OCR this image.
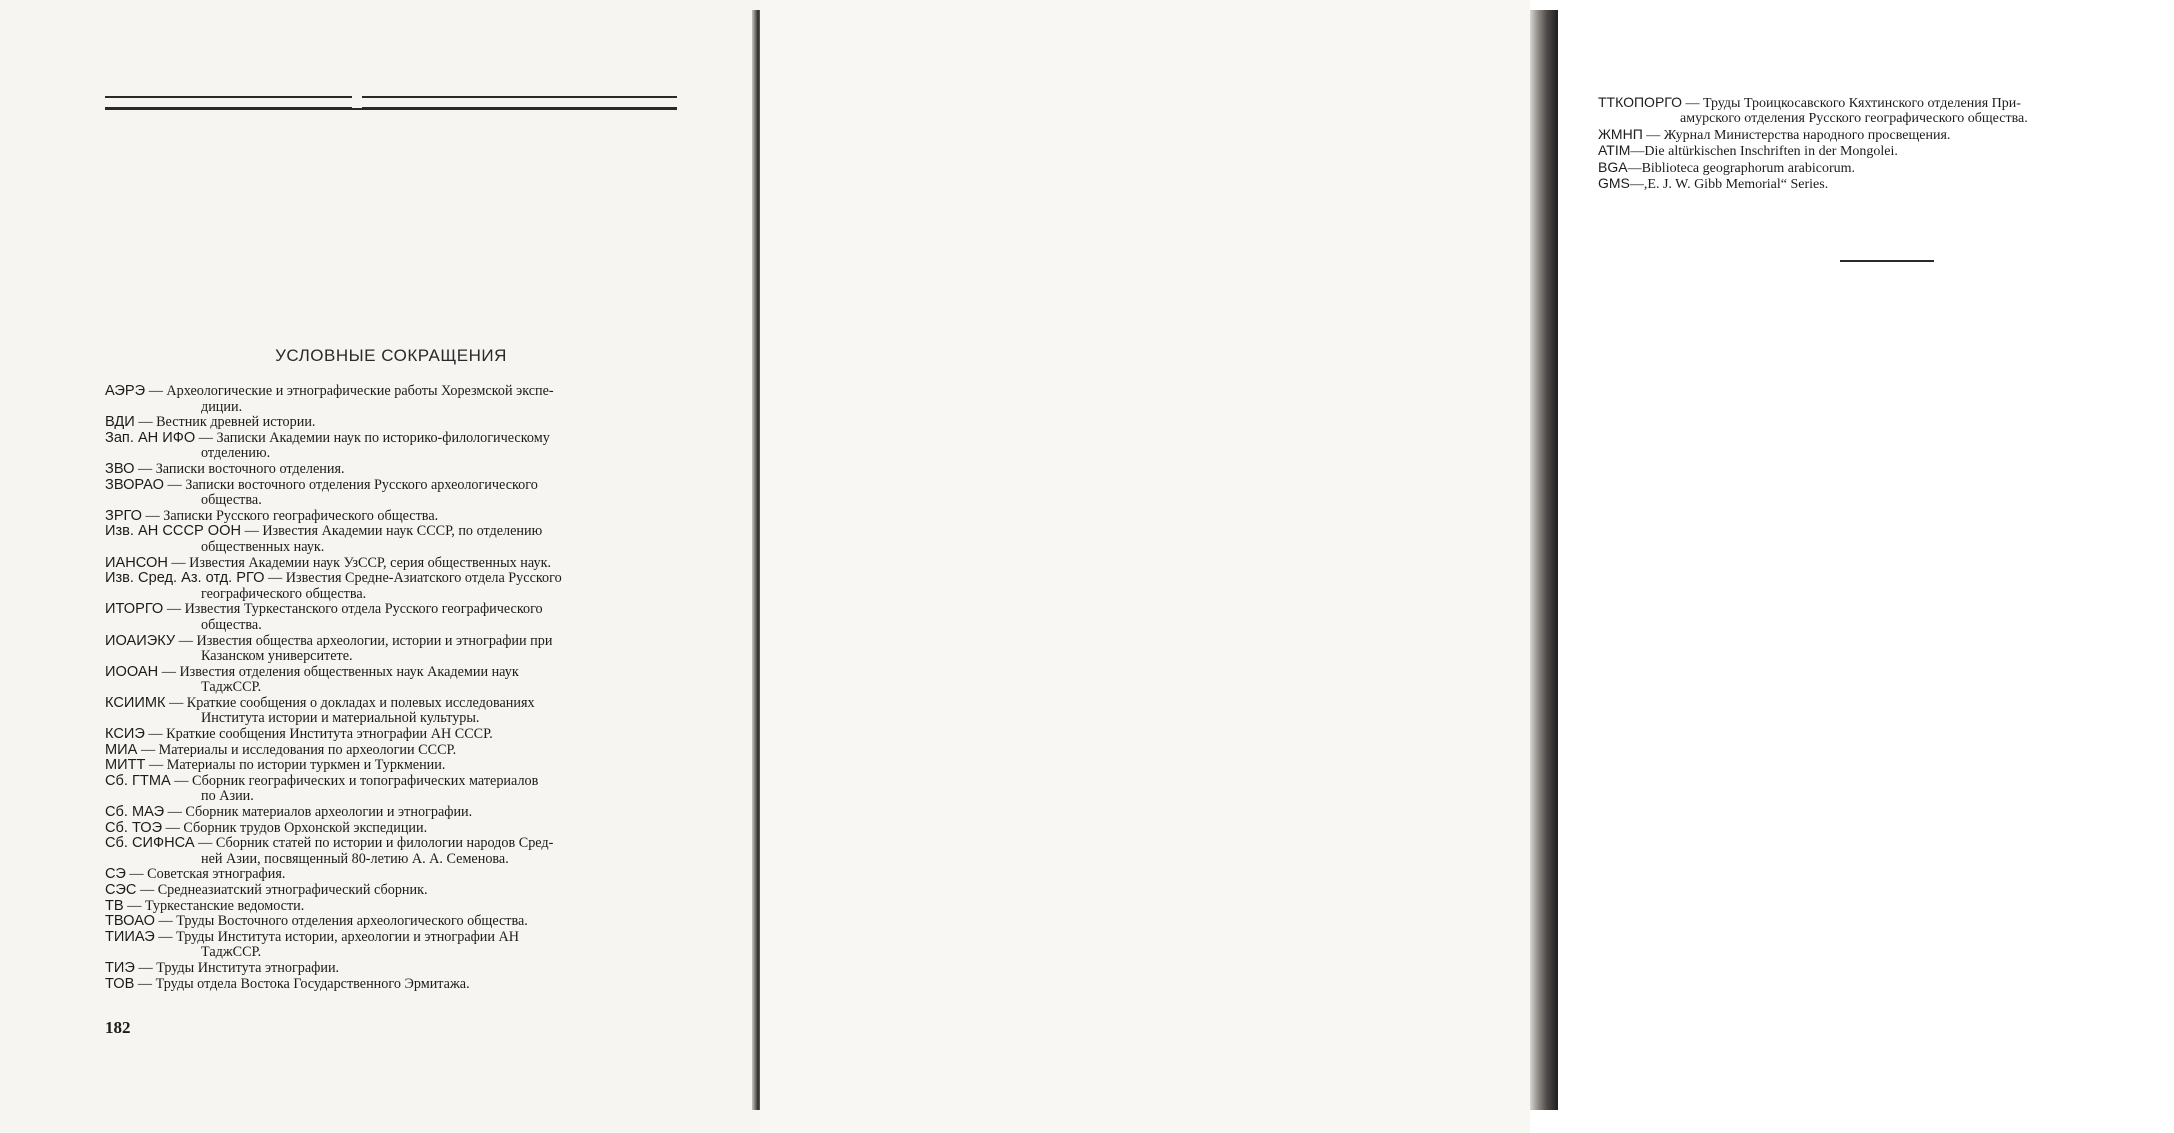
УСЛОВНЫЕ СОКРАЩЕНИЯ
АЭРЭ — Археологические и этнографические работы Хорезмской экспе-
диции.
ВДИ — Вестник древней истории.
Зап. АН ИФО — Записки Академии наук по историко-филологическому
отделению.
ЗВО — Записки восточного отделения.
ЗВОРАО — Записки восточного отделения Русского археологического
общества.
ЗРГО — Записки Русского географического общества.
Изв. АН СССР ООН — Известия Академии наук СССР, по отделению
общественных наук.
ИАНСОН — Известия Академии наук УзССР, серия общественных наук.
Изв. Сред. Аз. отд. РГО — Известия Средне-Азиатского отдела Русского
географического общества.
ИТОРГО — Известия Туркестанского отдела Русского географического
общества.
ИОАИЭКУ — Известия общества археологии, истории и этнографии при
Казанском университете.
ИООАН — Известия отделения общественных наук Академии наук
ТаджССР.
КСИИМК — Краткие сообщения о докладах и полевых исследованиях
Института истории и материальной культуры.
КСИЭ — Краткие сообщения Института этнографии АН СССР.
МИА — Материалы и исследования по археологии СССР.
МИТТ — Материалы по истории туркмен и Туркмении.
Сб. ГТМА — Сборник географических и топографических материалов
по Азии.
Сб. МАЭ — Сборник материалов археологии и этнографии.
Сб. ТОЭ — Сборник трудов Орхонской экспедиции.
Сб. СИФНСА — Сборник статей по истории и филологии народов Сред-
ней Азии, посвященный 80-летию А. А. Семенова.
СЭ — Советская этнография.
СЭС — Среднеазиатский этнографический сборник.
ТВ — Туркестанские ведомости.
ТВОАО — Труды Восточного отделения археологического общества.
ТИИАЭ — Труды Института истории, археологии и этнографии АН
ТаджССР.
ТИЭ — Труды Института этнографии.
ТОВ — Труды отдела Востока Государственного Эрмитажа.
182
ТТКОПОРГО — Труды Троицкосавского Кяхтинского отделения При-
амурского отделения Русского географического общества.
ЖМНП — Журнал Министерства народного просвещения.
ATIM—Die altürkischen Inschriften in der Mongolei.
BGA—Biblioteca geographorum arabicorum.
GMS—,E. J. W. Gibb Memorial“ Series.
